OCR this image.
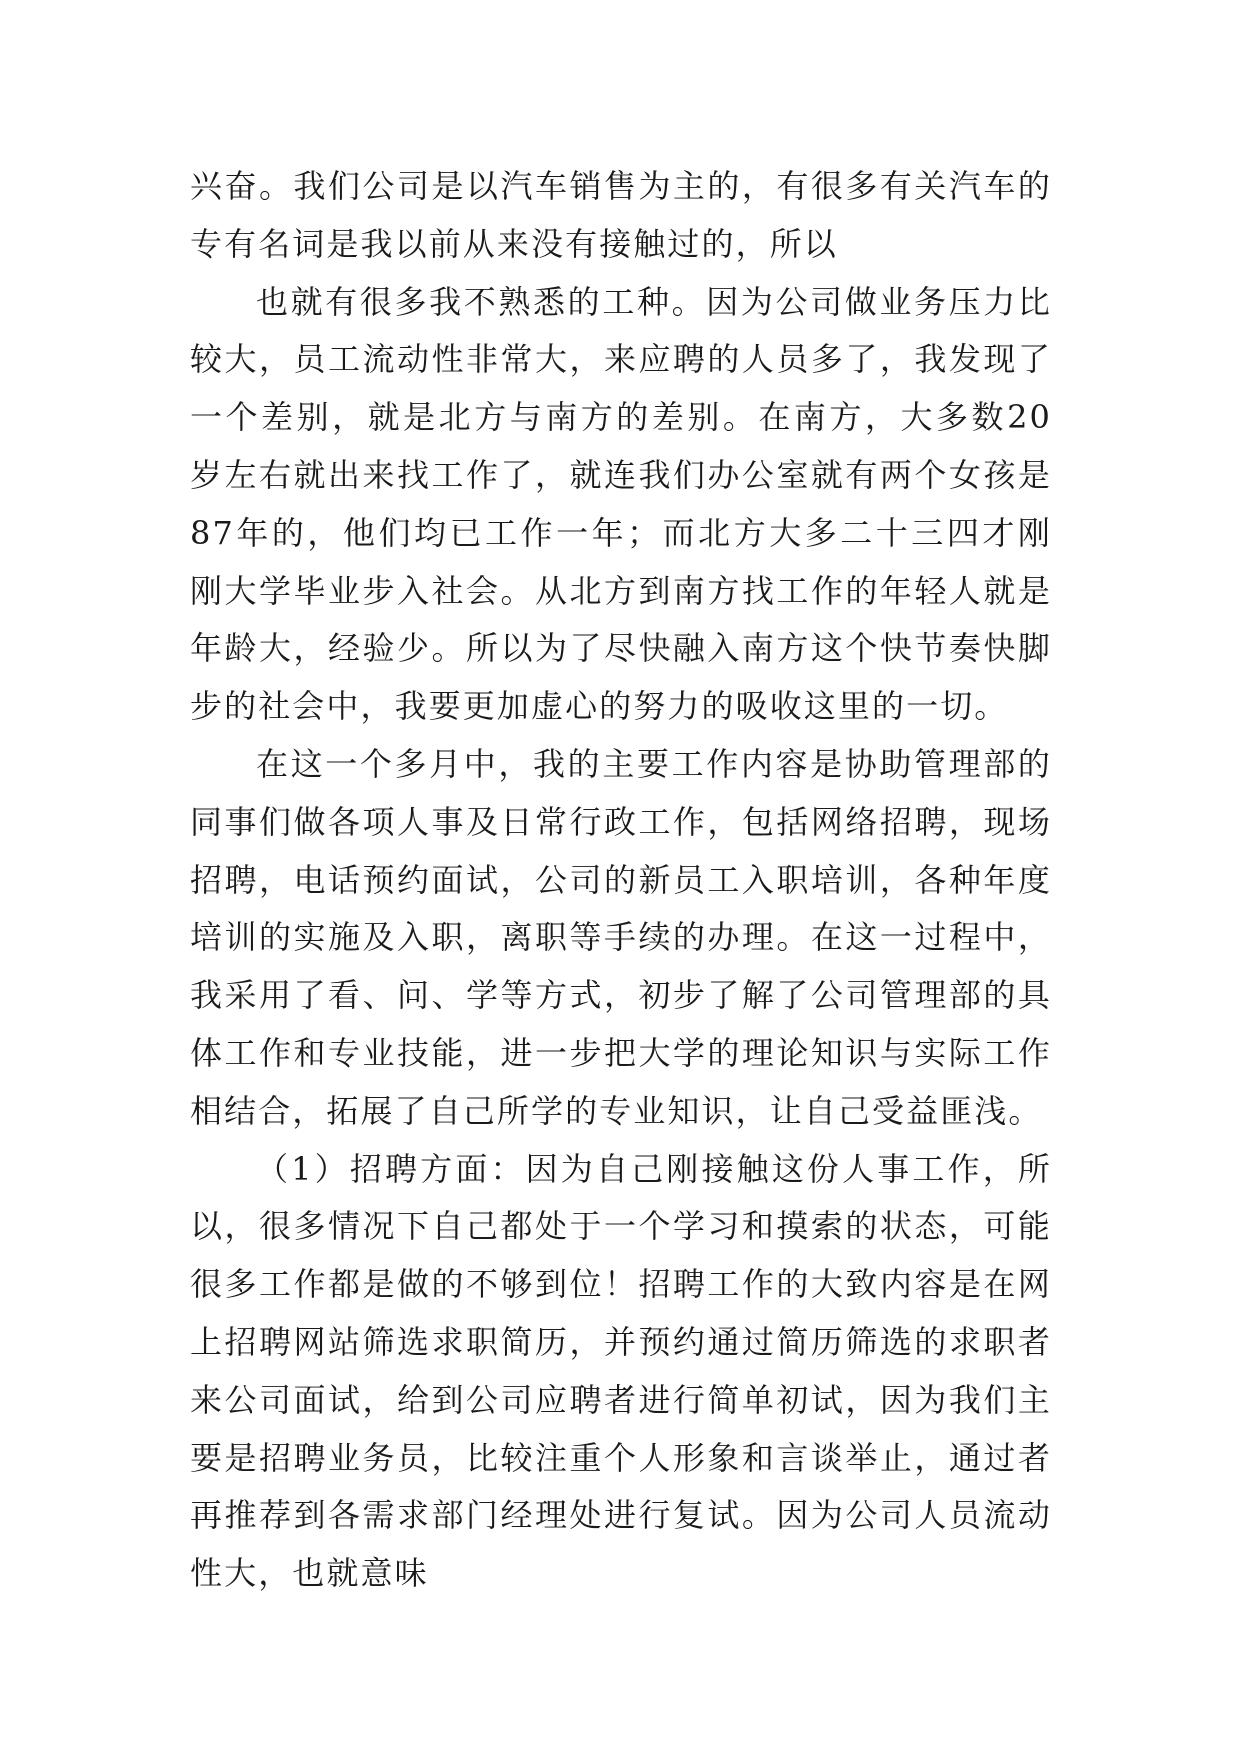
兴奋。我们公司是以汽车销售为主的，有很多有关汽车的专有名词是我以前从来没有接触过的，所以

也就有很多我不熟悉的工种。因为公司做业务压力比较大，员工流动性非常大，来应聘的人员多了，我发现了一个差别，就是北方与南方的差别。在南方，大多数20岁左右就出来找工作了，就连我们办公室就有两个女孩是87年的，他们均已工作一年；而北方大多二十三四才刚刚大学毕业步入社会。从北方到南方找工作的年轻人就是年龄大，经验少。所以为了尽快融入南方这个快节奏快脚步的社会中，我要更加虚心的努力的吸收这里的一切。

在这一个多月中，我的主要工作内容是协助管理部的同事们做各项人事及日常行政工作，包括网络招聘，现场招聘，电话预约面试，公司的新员工入职培训，各种年度培训的实施及入职，离职等手续的办理。在这一过程中，我采用了看、问、学等方式，初步了解了公司管理部的具体工作和专业技能，进一步把大学的理论知识与实际工作相结合，拓展了自己所学的专业知识，让自己受益匪浅。

（1）招聘方面：因为自己刚接触这份人事工作，所以，很多情况下自己都处于一个学习和摸索的状态，可能很多工作都是做的不够到位！招聘工作的大致内容是在网上招聘网站筛选求职简历，并预约通过简历筛选的求职者来公司面试，给到公司应聘者进行简单初试，因为我们主要是招聘业务员，比较注重个人形象和言谈举止，通过者再推荐到各需求部门经理处进行复试。因为公司人员流动性大，也就意味
